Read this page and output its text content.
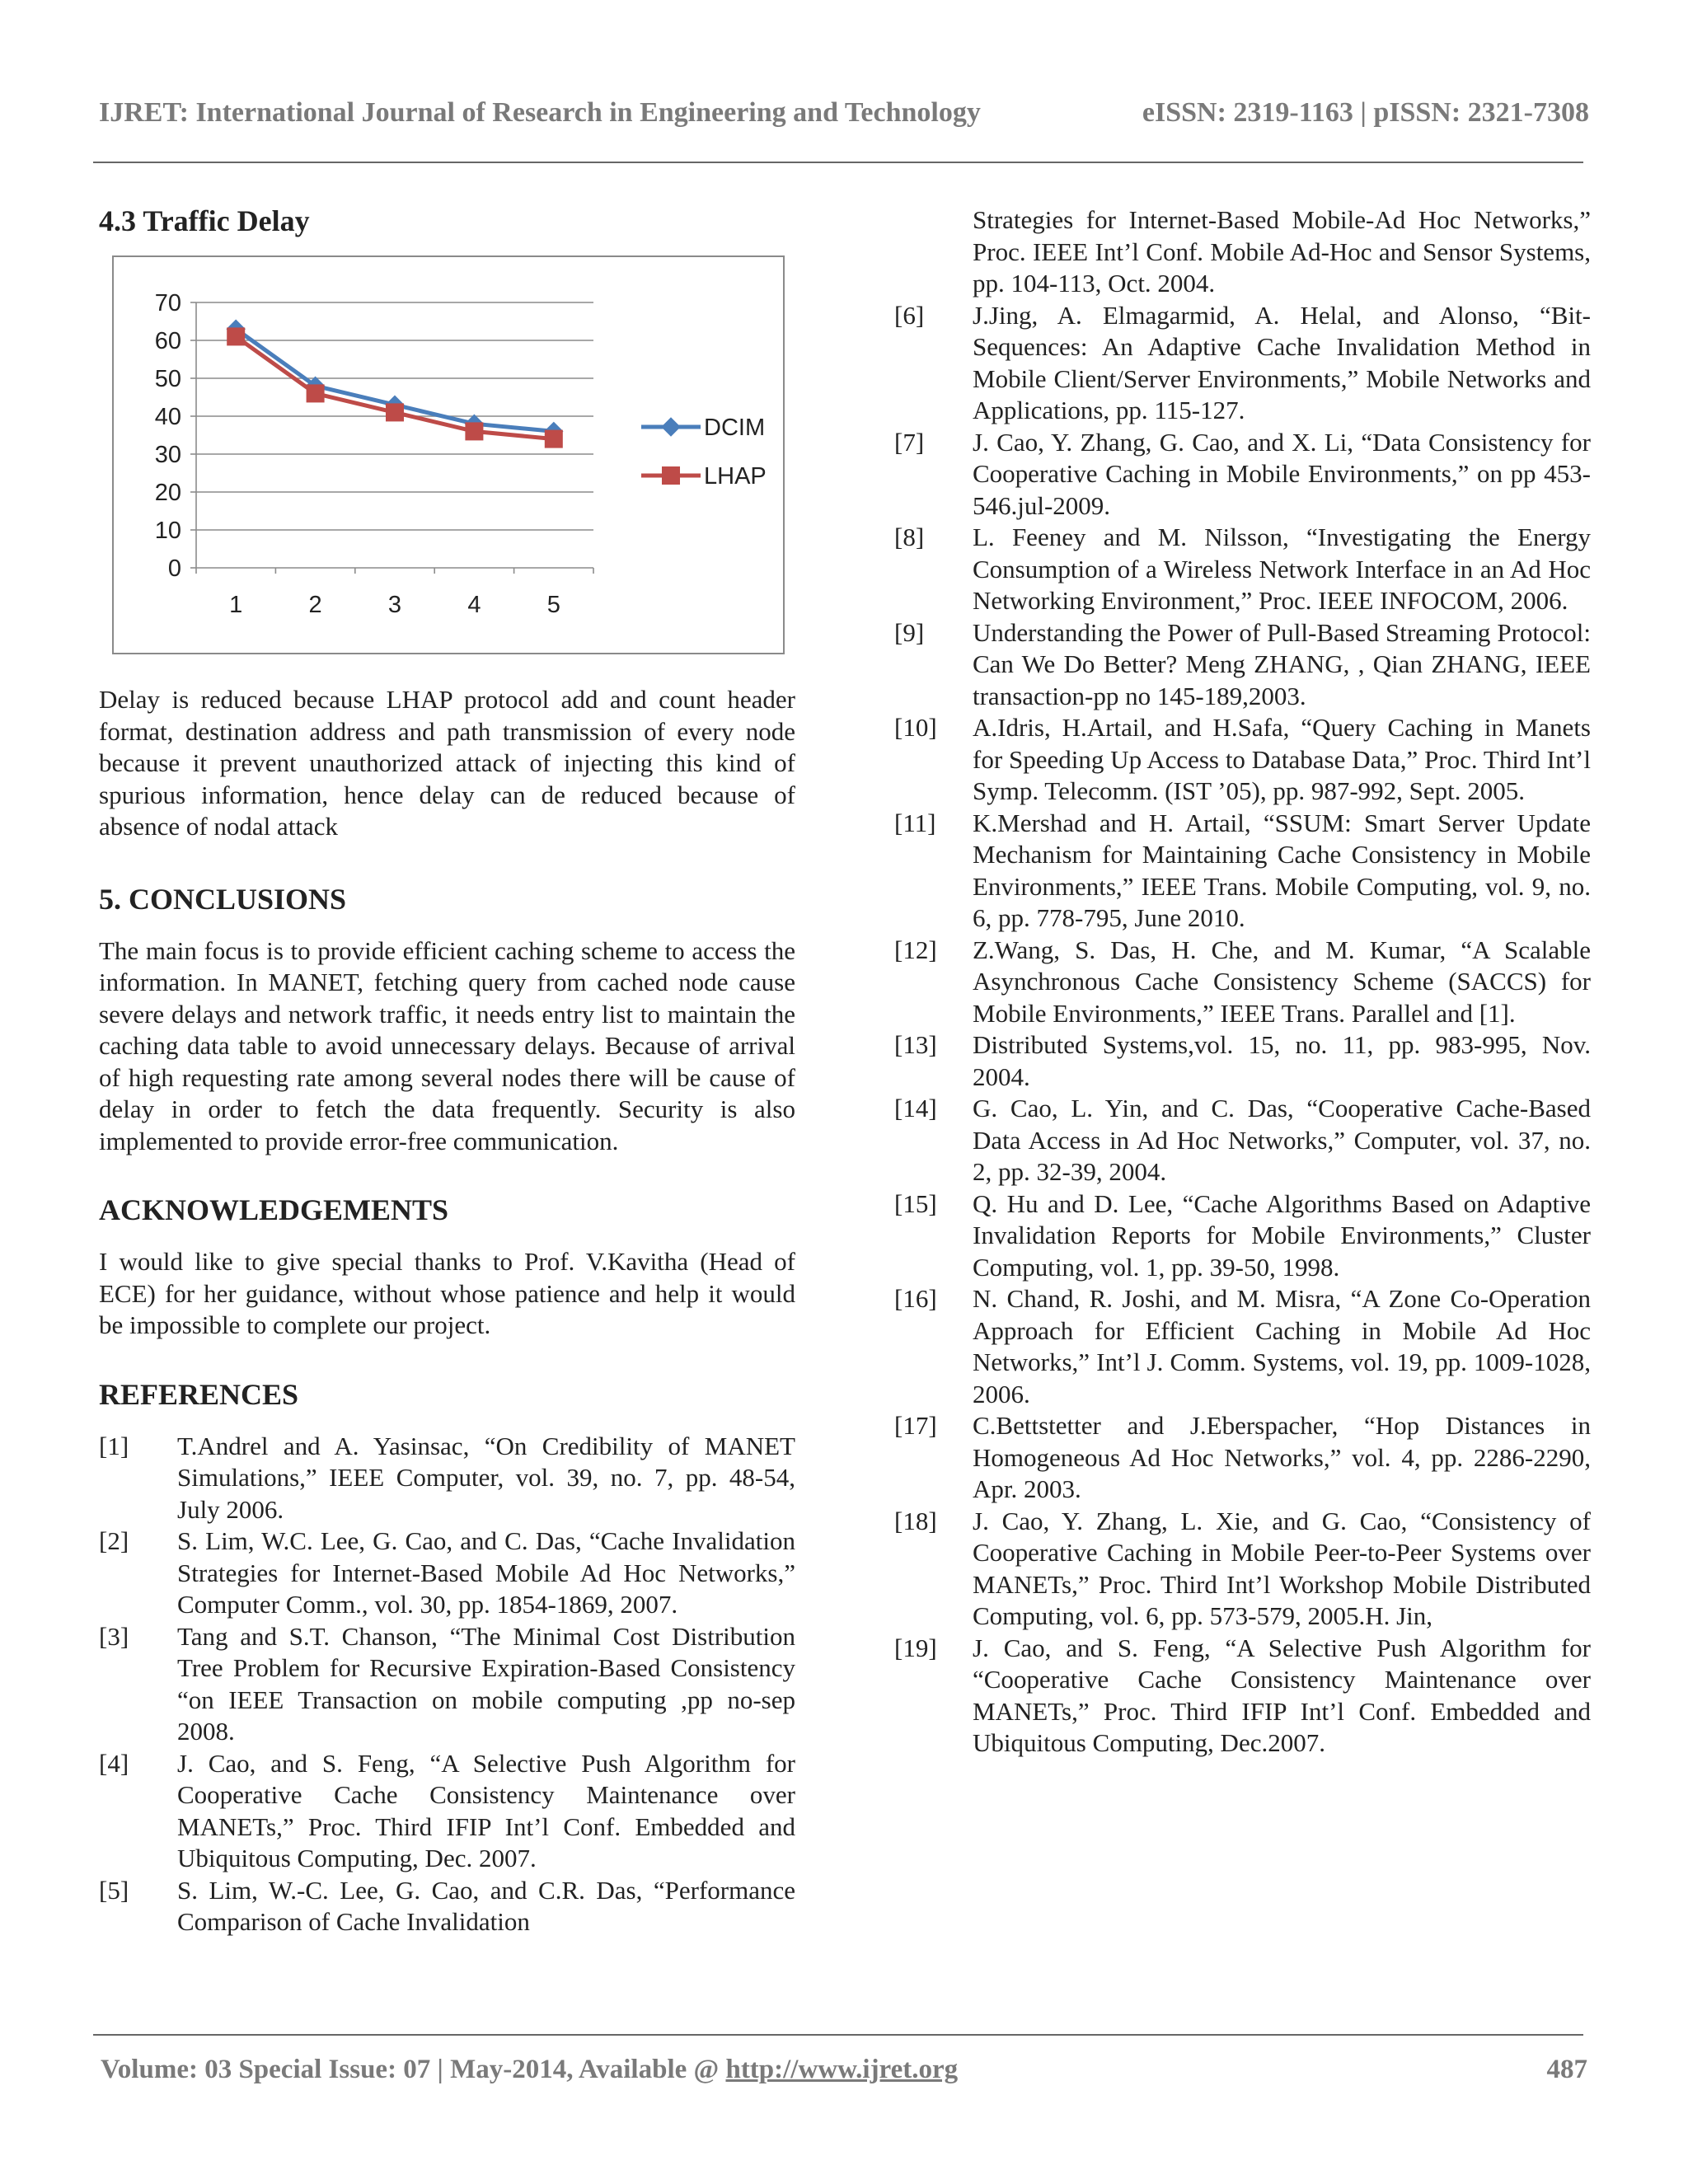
IJRET: International Journal of Research in Engineering and Technology	eISSN: 2319-1163 | pISSN: 2321-7308
4.3 Traffic Delay
0
10
20
30
40
50
60
70
1	2	3	4	5
DCIM
LHAP

Delay is reduced because LHAP protocol add and count header format, destination address and path transmission of every node because it prevent unauthorized attack of injecting this kind of spurious information, hence delay can de reduced because of absence of nodal attack

5. CONCLUSIONS

The main focus is to provide efficient caching scheme to access the information. In MANET, fetching query from cached node cause severe delays and network traffic, it needs entry list to maintain the caching data table to avoid unnecessary delays. Because of arrival of high requesting rate among several nodes there will be cause of delay in order to fetch the data frequently. Security is also implemented to provide error-free communication.

ACKNOWLEDGEMENTS

I would like to give special thanks to Prof. V.Kavitha (Head of ECE) for her guidance, without whose patience and help it would be impossible to complete our project.

REFERENCES
[1]	T.Andrel and A. Yasinsac, “On Credibility of MANET Simulations,” IEEE Computer, vol. 39, no. 7, pp. 48-54, July 2006.
[2]	S. Lim, W.C. Lee, G. Cao, and C. Das, “Cache Invalidation Strategies for Internet-Based Mobile Ad Hoc Networks,” Computer Comm., vol. 30, pp. 1854-1869, 2007.
[3]	Tang and S.T. Chanson, “The Minimal Cost Distribution Tree Problem for Recursive Expiration-Based Consistency “on IEEE Transaction on mobile computing ,pp no-sep 2008.
[4]	J. Cao, and S. Feng, “A Selective Push Algorithm for Cooperative Cache Consistency Maintenance over MANETs,” Proc. Third IFIP Int’l Conf. Embedded and Ubiquitous Computing, Dec. 2007.
[5]	S. Lim, W.-C. Lee, G. Cao, and C.R. Das, “Performance Comparison of Cache Invalidation

Strategies for Internet-Based Mobile-Ad Hoc Networks,” Proc. IEEE Int’l Conf. Mobile Ad-Hoc and Sensor Systems, pp. 104-113, Oct. 2004.

[6]	J.Jing, A. Elmagarmid, A. Helal, and Alonso, “Bit-Sequences: An Adaptive Cache Invalidation Method in Mobile Client/Server Environments,” Mobile Networks and Applications, pp. 115-127.
[7]	J. Cao, Y. Zhang, G. Cao, and X. Li, “Data Consistency for Cooperative Caching in Mobile Environments,” on pp 453-546.jul-2009.
[8]	L. Feeney and M. Nilsson, “Investigating the Energy Consumption of a Wireless Network Interface in an Ad Hoc Networking Environment,” Proc. IEEE INFOCOM, 2006.
[9]	Understanding the Power of Pull-Based Streaming Protocol: Can We Do Better? Meng ZHANG, , Qian ZHANG, IEEE transaction-pp no 145-189,2003.
[10]	A.Idris, H.Artail, and H.Safa, “Query Caching in Manets for Speeding Up Access to Database Data,” Proc. Third Int’l Symp. Telecomm. (IST ’05), pp. 987-992, Sept. 2005.
[11]	K.Mershad and H. Artail, “SSUM: Smart Server Update Mechanism for Maintaining Cache Consistency in Mobile Environments,” IEEE Trans. Mobile Computing, vol. 9, no. 6, pp. 778-795, June 2010.
[12]	Z.Wang, S. Das, H. Che, and M. Kumar, “A Scalable Asynchronous Cache Consistency Scheme (SACCS) for Mobile Environments,” IEEE Trans. Parallel and [1].
[13]	Distributed Systems,vol. 15, no. 11, pp. 983-995, Nov. 2004.
[14]	G. Cao, L. Yin, and C. Das, “Cooperative Cache-Based Data Access in Ad Hoc Networks,” Computer, vol. 37, no. 2, pp. 32-39, 2004.
[15]	Q. Hu and D. Lee, “Cache Algorithms Based on Adaptive Invalidation Reports for Mobile Environments,” Cluster Computing, vol. 1, pp. 39-50, 1998.
[16]	N. Chand, R. Joshi, and M. Misra, “A Zone Co-Operation Approach for Efficient Caching in Mobile Ad Hoc Networks,” Int’l J. Comm. Systems, vol. 19, pp. 1009-1028, 2006.
[17]	C.Bettstetter and J.Eberspacher, “Hop Distances in Homogeneous Ad Hoc Networks,” vol. 4, pp. 2286-2290, Apr. 2003.
[18]	J. Cao, Y. Zhang, L. Xie, and G. Cao, “Consistency of Cooperative Caching in Mobile Peer-to-Peer Systems over MANETs,” Proc. Third Int’l Workshop Mobile Distributed Computing, vol. 6, pp. 573-579, 2005.H. Jin,
[19]	J. Cao, and S. Feng, “A Selective Push Algorithm for “Cooperative Cache Consistency Maintenance over MANETs,” Proc. Third IFIP Int’l Conf. Embedded and Ubiquitous Computing, Dec.2007.
Volume: 03 Special Issue: 07 | May-2014, Available @ http://www.ijret.org	487
